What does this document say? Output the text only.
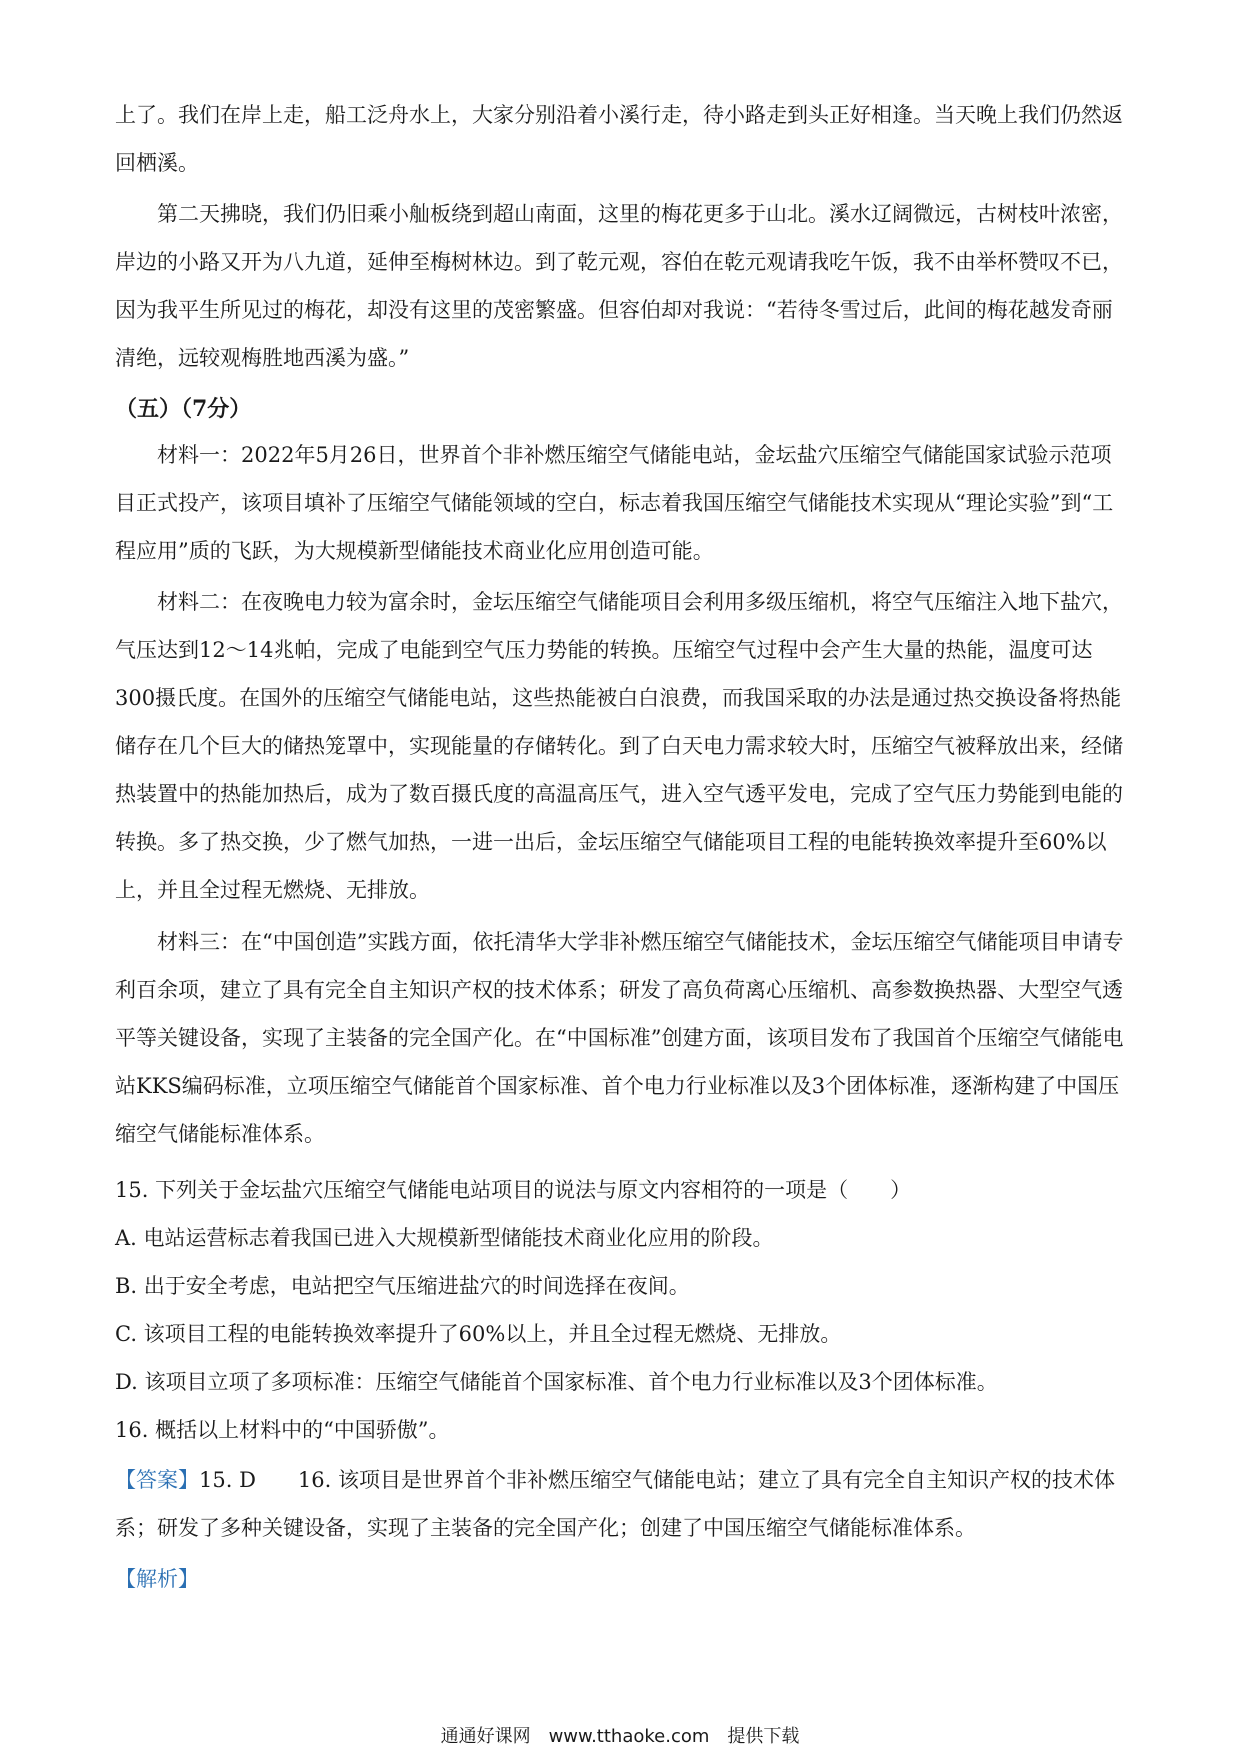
上了。我们在岸上走，船工泛舟水上，大家分别沿着小溪行走，待小路走到头正好相逢。当天晚上我们仍然返回栖溪。
第二天拂晓，我们仍旧乘小舢板绕到超山南面，这里的梅花更多于山北。溪水辽阔微远，古树枝叶浓密，岸边的小路又开为八九道，延伸至梅树林边。到了乾元观，容伯在乾元观请我吃午饭，我不由举杯赞叹不已，因为我平生所见过的梅花，却没有这里的茂密繁盛。但容伯却对我说：“若待冬雪过后，此间的梅花越发奇丽清绝，远较观梅胜地西溪为盛。”
（五）（7分）
材料一：2022年5月26日，世界首个非补燃压缩空气储能电站，金坛盐穴压缩空气储能国家试验示范项目正式投产，该项目填补了压缩空气储能领域的空白，标志着我国压缩空气储能技术实现从“理论实验”到“工程应用”质的飞跃，为大规模新型储能技术商业化应用创造可能。
材料二：在夜晚电力较为富余时，金坛压缩空气储能项目会利用多级压缩机，将空气压缩注入地下盐穴，气压达到12～14兆帕，完成了电能到空气压力势能的转换。压缩空气过程中会产生大量的热能，温度可达300摄氏度。在国外的压缩空气储能电站，这些热能被白白浪费，而我国采取的办法是通过热交换设备将热能储存在几个巨大的储热笼罩中，实现能量的存储转化。到了白天电力需求较大时，压缩空气被释放出来，经储热装置中的热能加热后，成为了数百摄氏度的高温高压气，进入空气透平发电，完成了空气压力势能到电能的转换。多了热交换，少了燃气加热，一进一出后，金坛压缩空气储能项目工程的电能转换效率提升至60%以上，并且全过程无燃烧、无排放。
材料三：在“中国创造”实践方面，依托清华大学非补燃压缩空气储能技术，金坛压缩空气储能项目申请专利百余项，建立了具有完全自主知识产权的技术体系；研发了高负荷离心压缩机、高参数换热器、大型空气透平等关键设备，实现了主装备的完全国产化。在“中国标准”创建方面，该项目发布了我国首个压缩空气储能电站KKS编码标准，立项压缩空气储能首个国家标准、首个电力行业标准以及3个团体标准，逐渐构建了中国压缩空气储能标准体系。
15. 下列关于金坛盐穴压缩空气储能电站项目的说法与原文内容相符的一项是（　　）
A. 电站运营标志着我国已进入大规模新型储能技术商业化应用的阶段。
B. 出于安全考虑，电站把空气压缩进盐穴的时间选择在夜间。
C. 该项目工程的电能转换效率提升了60%以上，并且全过程无燃烧、无排放。
D. 该项目立项了多项标准：压缩空气储能首个国家标准、首个电力行业标准以及3个团体标准。
16. 概括以上材料中的“中国骄傲”。
【答案】15. D　　16. 该项目是世界首个非补燃压缩空气储能电站；建立了具有完全自主知识产权的技术体系；研发了多种关键设备，实现了主装备的完全国产化；创建了中国压缩空气储能标准体系。
【解析】
通通好课网　www.tthaoke.com　提供下载
